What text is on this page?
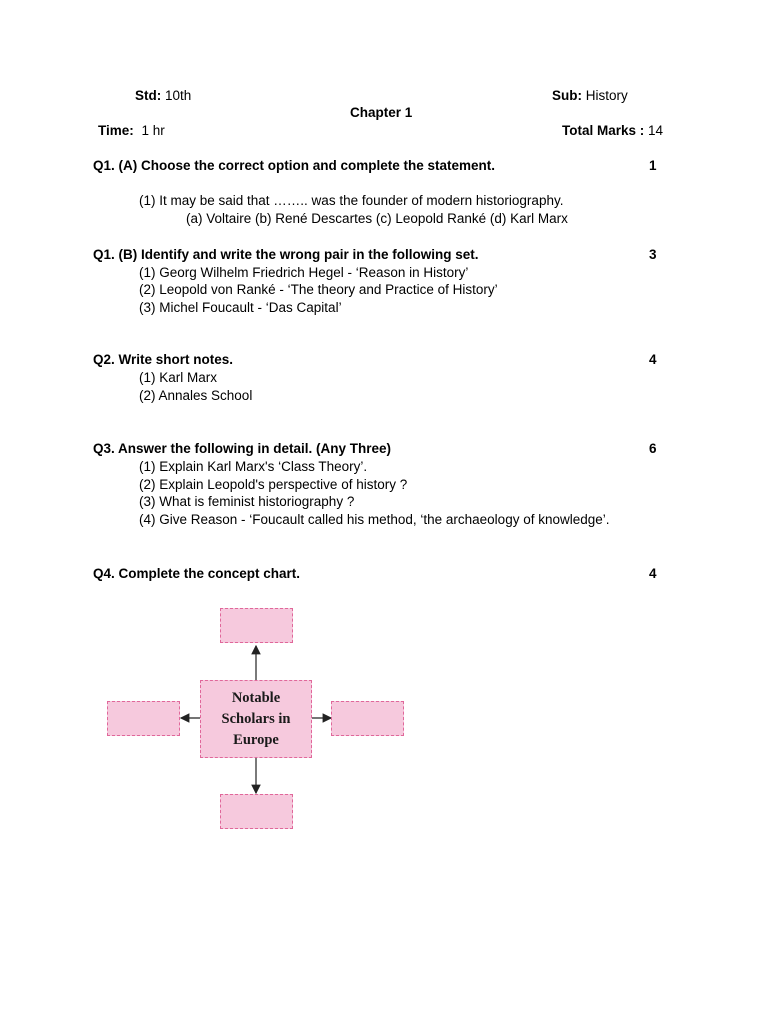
Std: 10th	Sub: History
Chapter 1
Time: 1 hr	Total Marks : 14
Q1. (A) Choose the correct option and complete the statement.	1
(1) It may be said that …….. was the founder of modern historiography.
(a) Voltaire (b) René Descartes (c) Leopold Ranké (d) Karl Marx
Q1. (B) Identify and write the wrong pair in the following set.	3
(1) Georg Wilhelm Friedrich Hegel - ‘Reason in History’
(2) Leopold von Ranké - ‘The theory and Practice of History’
(3) Michel Foucault - ‘Das Capital’
Q2. Write short notes.	4
(1) Karl Marx
(2) Annales School
Q3. Answer the following in detail. (Any Three)	6
(1) Explain Karl Marx's ‘Class Theory’.
(2) Explain Leopold's perspective of history ?
(3) What is feminist historiography ?
(4) Give Reason - ‘Foucault called his method, ‘the archaeology of knowledge’.
Q4. Complete the concept chart.	4
Notable
Scholars in
Europe
